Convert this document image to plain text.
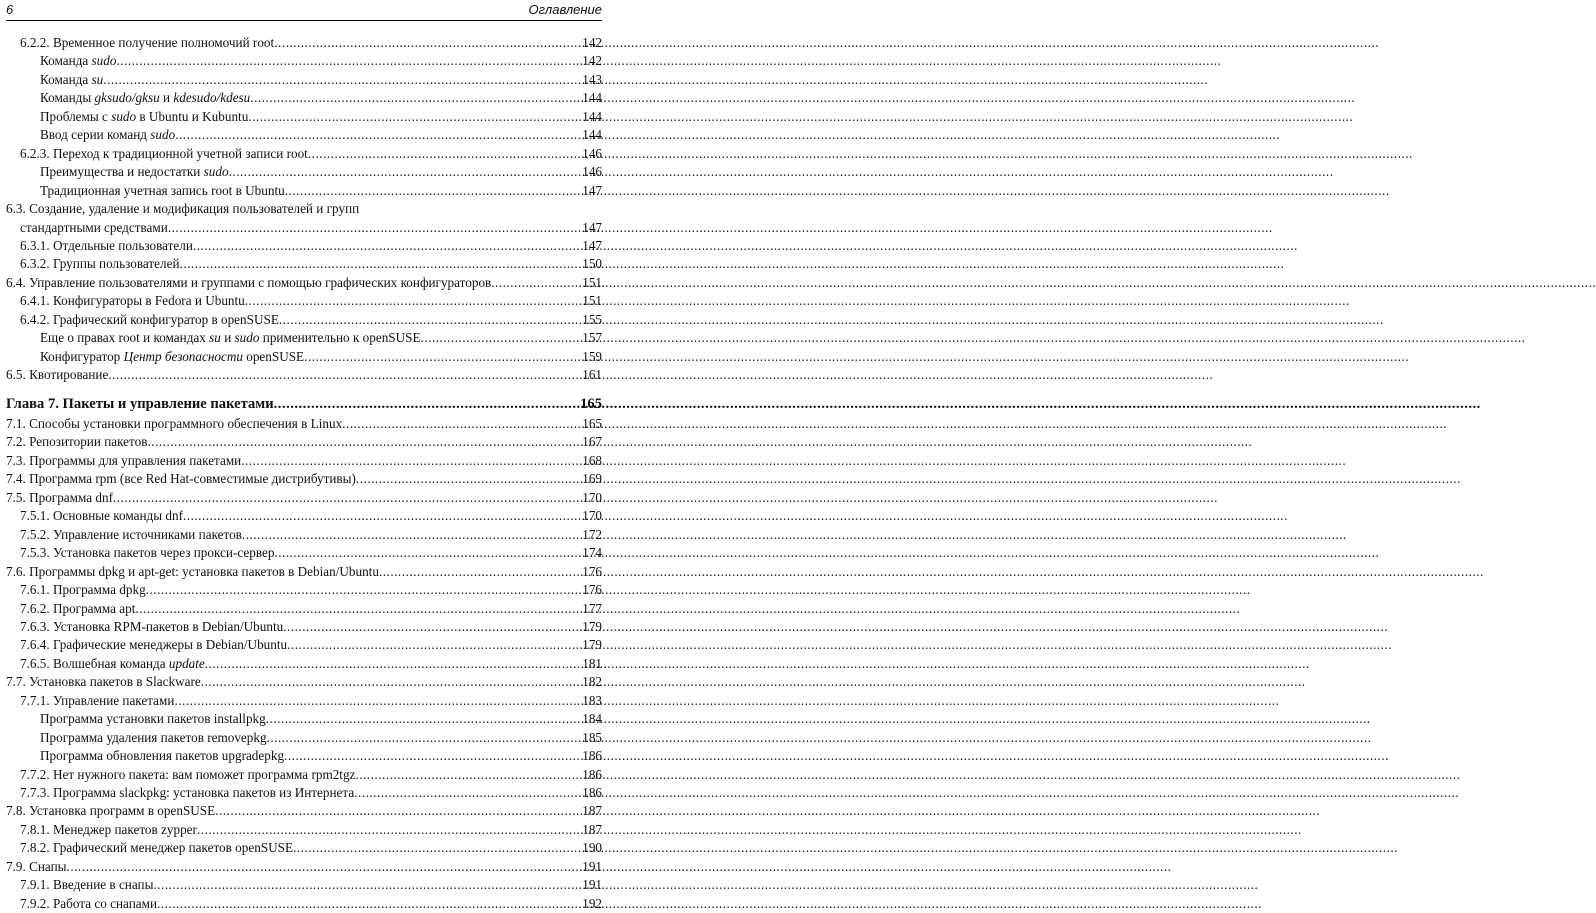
6	Оглавление
6.2.2. Временное получение полномочий root .....	142
Команда sudo .....	142
Команда su .....	143
Команды gksudo/gksu и kdesudo/kdesu .....	144
Проблемы с sudo в Ubuntu и Kubuntu .....	144
Ввод серии команд sudo .....	144
6.2.3. Переход к традиционной учетной записи root .....	146
Преимущества и недостатки sudo .....	146
Традиционная учетная запись root в Ubuntu .....	147
6.3. Создание, удаление и модификация пользователей и групп
стандартными средствами .....	147
6.3.1. Отдельные пользователи .....	147
6.3.2. Группы пользователей .....	150
6.4. Управление пользователями и группами с помощью графических конфигураторов .....	151
6.4.1. Конфигураторы в Fedora и Ubuntu .....	151
6.4.2. Графический конфигуратор в openSUSE .....	155
Еще о правах root и командах su и sudo применительно к openSUSE .....	157
Конфигуратор Центр безопасности openSUSE .....	159
6.5. Квотирование .....	161
Глава 7. Пакеты и управление пакетами .....	165
7.1. Способы установки программного обеспечения в Linux .....	165
7.2. Репозитории пакетов .....	167
7.3. Программы для управления пакетами .....	168
7.4. Программа rpm (все Red Hat-совместимые дистрибутивы) .....	169
7.5. Программа dnf .....	170
7.5.1. Основные команды dnf .....	170
7.5.2. Управление источниками пакетов .....	172
7.5.3. Установка пакетов через прокси-сервер .....	174
7.6. Программы dpkg и apt-get: установка пакетов в Debian/Ubuntu .....	176
7.6.1. Программа dpkg .....	176
7.6.2. Программа apt .....	177
7.6.3. Установка RPM-пакетов в Debian/Ubuntu .....	179
7.6.4. Графические менеджеры в Debian/Ubuntu .....	179
7.6.5. Волшебная команда update .....	181
7.7. Установка пакетов в Slackware .....	182
7.7.1. Управление пакетами .....	183
Программа установки пакетов installpkg .....	184
Программа удаления пакетов removepkg .....	185
Программа обновления пакетов upgradepkg .....	186
7.7.2. Нет нужного пакета: вам поможет программа rpm2tgz .....	186
7.7.3. Программа slackpkg: установка пакетов из Интернета .....	186
7.8. Установка программ в openSUSE .....	187
7.8.1. Менеджер пакетов zypper .....	187
7.8.2. Графический менеджер пакетов openSUSE .....	190
7.9. Снапы .....	191
7.9.1. Введение в снапы .....	191
7.9.2. Работа со снапами .....	192
